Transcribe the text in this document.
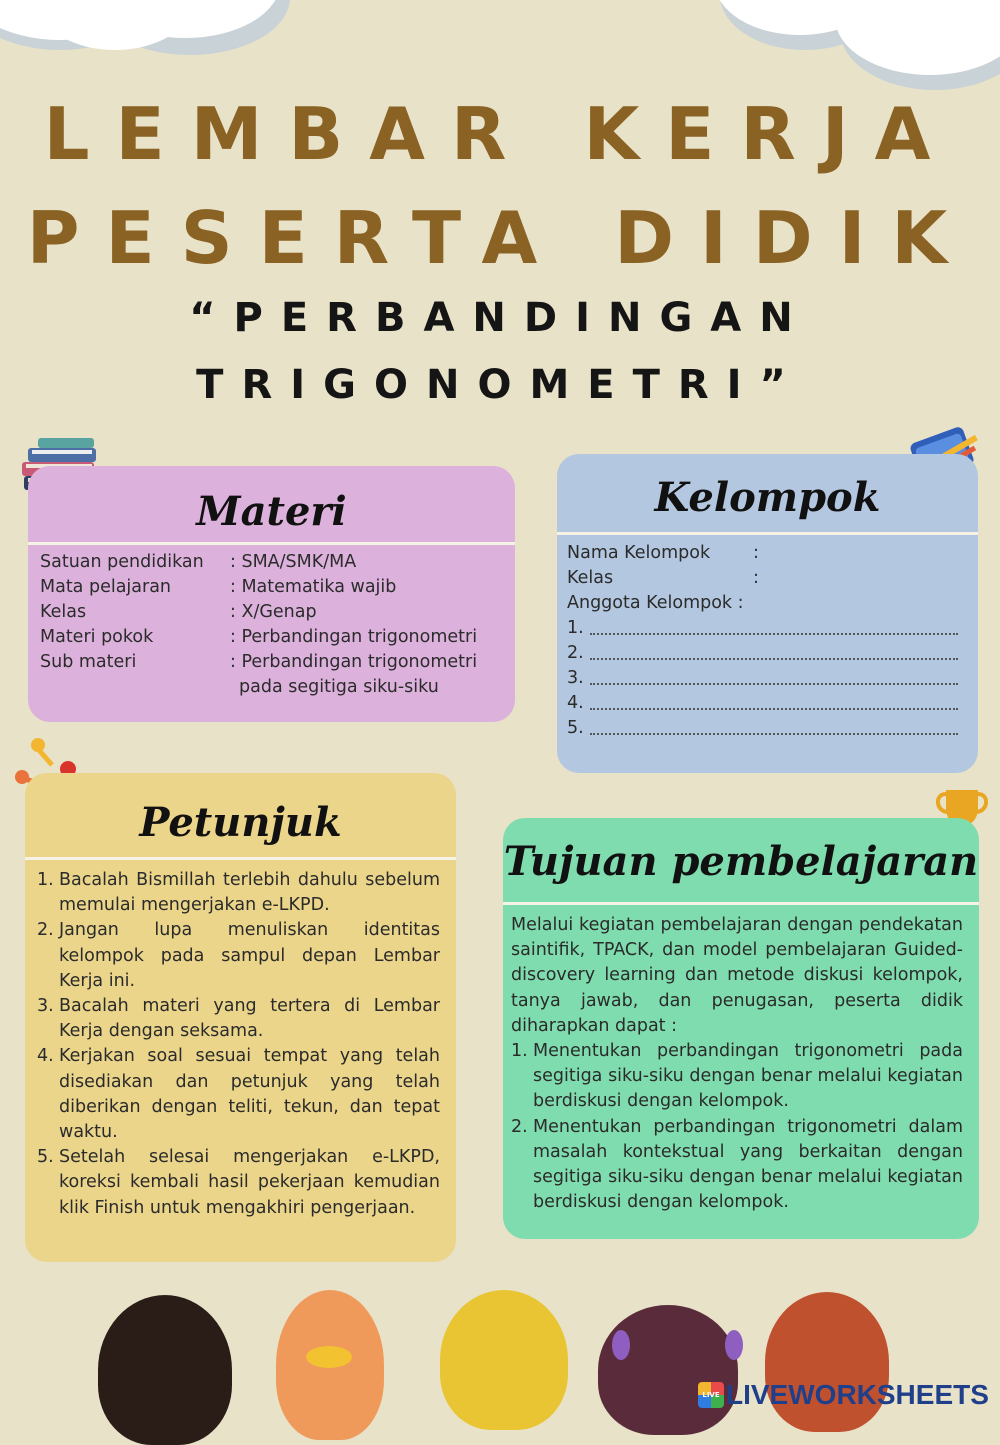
LEMBAR KERJA
PESERTA DIDIK
“PERBANDINGAN
TRIGONOMETRI”
Materi
Satuan pendidikan	: SMA/SMK/MA
Mata pelajaran	: Matematika wajib
Kelas	: X/Genap
Materi pokok	: Perbandingan trigonometri
Sub materi	: Perbandingan trigonometri
pada segitiga siku-siku
Kelompok
Nama Kelompok	:
Kelas	:
Anggota Kelompok :
1.
2.
3.
4.
5.
Petunjuk
1. Bacalah Bismillah terlebih dahulu sebelum memulai mengerjakan e-LKPD.
2. Jangan lupa menuliskan identitas kelompok pada sampul depan Lembar Kerja ini.
3. Bacalah materi yang tertera di Lembar Kerja dengan seksama.
4. Kerjakan soal sesuai tempat yang telah disediakan dan petunjuk yang telah diberikan dengan teliti, tekun, dan tepat waktu.
5. Setelah selesai mengerjakan e-LKPD, koreksi kembali hasil pekerjaan kemudian klik Finish untuk mengakhiri pengerjaan.
Tujuan pembelajaran
Melalui kegiatan pembelajaran dengan pendekatan saintifik, TPACK, dan model pembelajaran Guided-discovery learning dan metode diskusi kelompok, tanya jawab, dan penugasan, peserta didik diharapkan dapat :
1. Menentukan perbandingan trigonometri pada segitiga siku-siku dengan benar melalui kegiatan berdiskusi dengan kelompok.
2. Menentukan perbandingan trigonometri dalam masalah kontekstual yang berkaitan dengan segitiga siku-siku dengan benar melalui kegiatan berdiskusi dengan kelompok.
LIVE LIVEWORKSHEETS
